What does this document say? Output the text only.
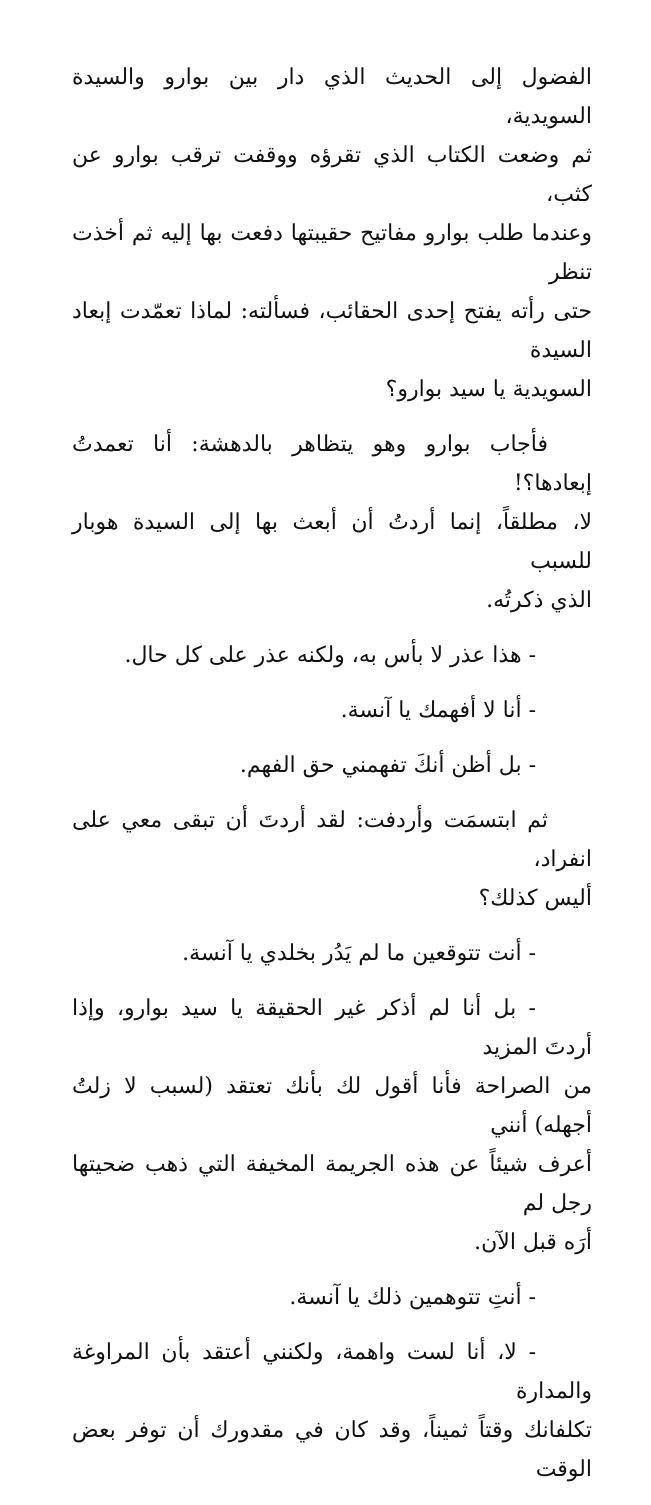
الفضول إلى الحديث الذي دار بين بوارو والسيدة السويدية،
ثم وضعت الكتاب الذي تقرؤه ووقفت ترقب بوارو عن كثب،
وعندما طلب بوارو مفاتيح حقيبتها دفعت بها إليه ثم أخذت تنظر
حتى رأته يفتح إحدى الحقائب، فسألته: لماذا تعمّدت إبعاد السيدة
السويدية يا سيد بوارو؟

فأجاب بوارو وهو يتظاهر بالدهشة: أنا تعمدتُ إبعادها؟!
لا، مطلقاً، إنما أردتُ أن أبعث بها إلى السيدة هوبار للسبب
الذي ذكرتُه.

- هذا عذر لا بأس به، ولكنه عذر على كل حال.

- أنا لا أفهمك يا آنسة.

- بل أظن أنكَ تفهمني حق الفهم.

ثم ابتسمَت وأردفت: لقد أردتَ أن تبقى معي على انفراد،
أليس كذلك؟

- أنت تتوقعين ما لم يَدُر بخلدي يا آنسة.

- بل أنا لم أذكر غير الحقيقة يا سيد بوارو، وإذا أردتَ المزيد
من الصراحة فأنا أقول لك بأنك تعتقد (لسبب لا زلتُ أجهله) أنني
أعرف شيئاً عن هذه الجريمة المخيفة التي ذهب ضحيتها رجل لم
أرَه قبل الآن.

- أنتِ تتوهمين ذلك يا آنسة.

- لا، أنا لست واهمة، ولكنني أعتقد بأن المراوغة والمدارة
تكلفانك وقتاً ثميناً، وقد كان في مقدورك أن توفر بعض الوقت
